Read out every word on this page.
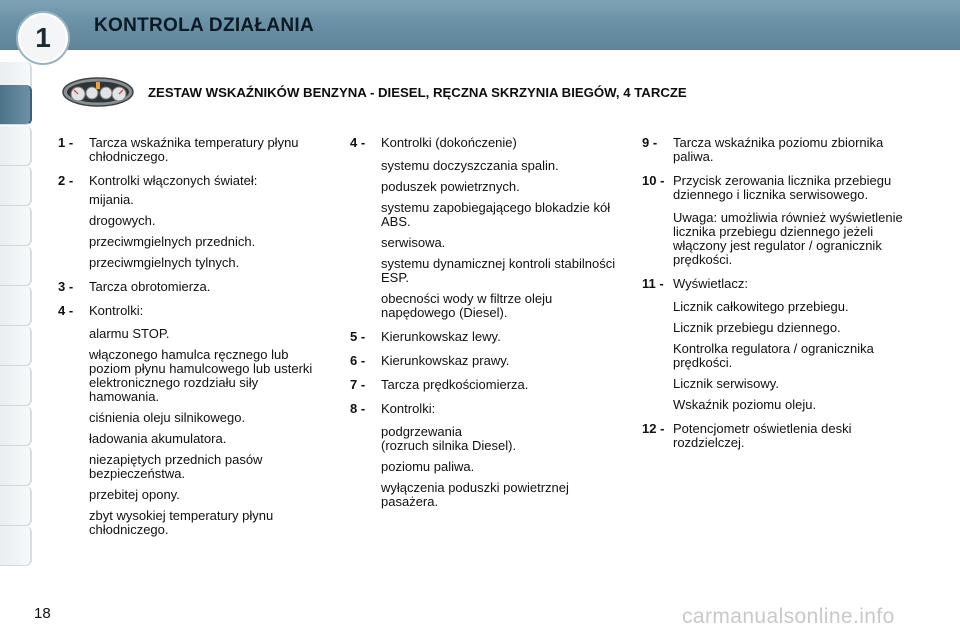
1 KONTROLA DZIAŁANIA
ZESTAW WSKAŹNIKÓW BENZYNA - DIESEL, RĘCZNA SKRZYNIA BIEGÓW, 4 TARCZE
1 -	Tarcza wskaźnika temperatury płynu chłodniczego.
2 -	Kontrolki włączonych świateł:
mijania.
drogowych.
przeciwmgielnych przednich.
przeciwmgielnych tylnych.
3 -	Tarcza obrotomierza.
4 -	Kontrolki:
alarmu STOP.
włączonego hamulca ręcznego lub poziom płynu hamulcowego lub usterki elektronicznego rozdziału siły hamowania.
ciśnienia oleju silnikowego.
ładowania akumulatora.
niezapiętych przednich pasów bezpieczeństwa.
przebitej opony.
zbyt wysokiej temperatury płynu chłodniczego.
4 -	Kontrolki (dokończenie)
systemu doczyszczania spalin.
poduszek powietrznych.
systemu zapobiegającego blokadzie kół ABS.
serwisowa.
systemu dynamicznej kontroli stabilności ESP.
obecności wody w filtrze oleju napędowego (Diesel).
5 -	Kierunkowskaz lewy.
6 -	Kierunkowskaz prawy.
7 -	Tarcza prędkościomierza.
8 -	Kontrolki:
podgrzewania
(rozruch silnika Diesel).
poziomu paliwa.
wyłączenia poduszki powietrznej pasażera.
9 -	Tarcza wskaźnika poziomu zbiornika paliwa.
10 - Przycisk zerowania licznika przebiegu dziennego i licznika serwisowego.
Uwaga: umożliwia również wyświetlenie licznika przebiegu dziennego jeżeli włączony jest regulator / ogranicznik prędkości.
11 - Wyświetlacz:
Licznik całkowitego przebiegu.
Licznik przebiegu dziennego.
Kontrolka regulatora / ogranicznika prędkości.
Licznik serwisowy.
Wskaźnik poziomu oleju.
12 - Potencjometr oświetlenia deski rozdzielczej.
18	carmanualsonline.info
